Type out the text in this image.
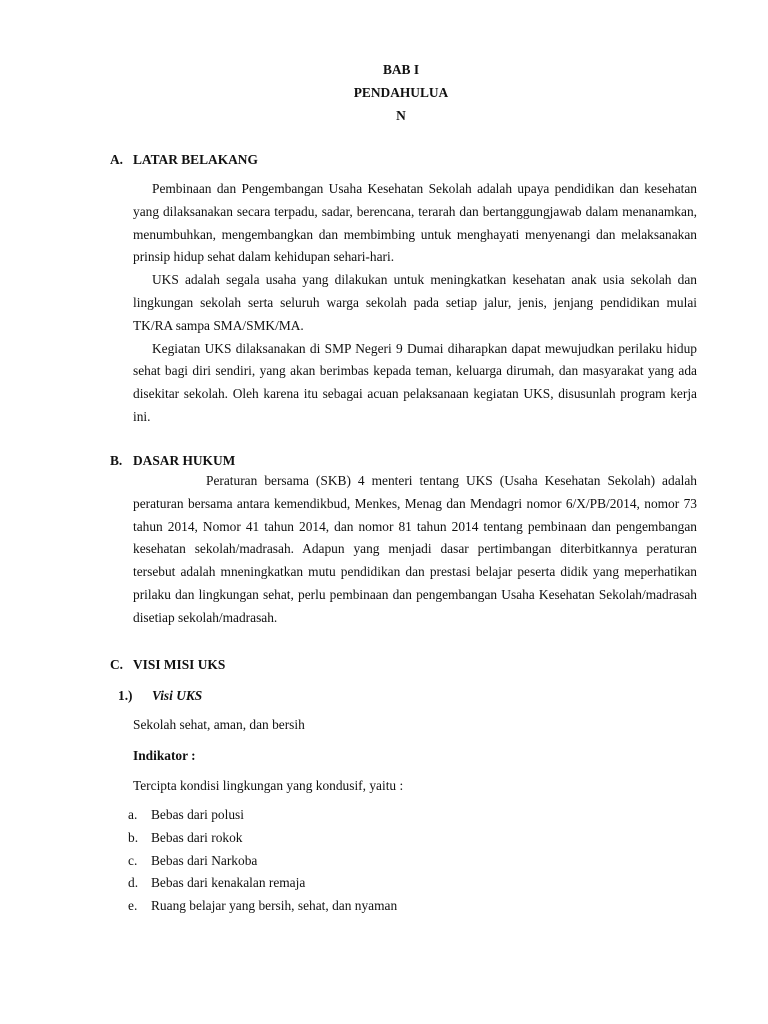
BAB I
PENDAHULUA
N
A. LATAR BELAKANG

Pembinaan dan Pengembangan Usaha Kesehatan Sekolah adalah upaya pendidikan dan kesehatan yang dilaksanakan secara terpadu, sadar, berencana, terarah dan bertanggungjawab dalam menanamkan, menumbuhkan, mengembangkan dan membimbing untuk menghayati menyenangi dan melaksanakan prinsip hidup sehat dalam kehidupan sehari-hari.

UKS adalah segala usaha yang dilakukan untuk meningkatkan kesehatan anak usia sekolah dan lingkungan sekolah serta seluruh warga sekolah pada setiap jalur, jenis, jenjang pendidikan mulai TK/RA sampa SMA/SMK/MA.

Kegiatan UKS dilaksanakan di SMP Negeri 9 Dumai diharapkan dapat mewujudkan perilaku hidup sehat bagi diri sendiri, yang akan berimbas kepada teman, keluarga dirumah, dan masyarakat yang ada disekitar sekolah. Oleh karena itu sebagai acuan pelaksanaan kegiatan UKS, disusunlah program kerja ini.

B. DASAR HUKUM

Peraturan bersama (SKB) 4 menteri tentang UKS (Usaha Kesehatan Sekolah) adalah peraturan bersama antara kemendikbud, Menkes, Menag dan Mendagri nomor 6/X/PB/2014, nomor 73 tahun 2014, Nomor 41 tahun 2014, dan nomor 81 tahun 2014 tentang pembinaan dan pengembangan kesehatan sekolah/madrasah. Adapun yang menjadi dasar pertimbangan diterbitkannya peraturan tersebut adalah mneningkatkan mutu pendidikan dan prestasi belajar peserta didik yang meperhatikan prilaku dan lingkungan sehat, perlu pembinaan dan pengembangan Usaha Kesehatan Sekolah/madrasah disetiap sekolah/madrasah.

C. VISI MISI UKS
1.) Visi UKS
Sekolah sehat, aman, dan bersih
Indikator :
Tercipta kondisi lingkungan yang kondusif, yaitu :
a.	Bebas dari polusi
b. Bebas dari rokok
c.	Bebas dari Narkoba
d. Bebas dari kenakalan remaja
e.	Ruang belajar yang bersih, sehat, dan nyaman
